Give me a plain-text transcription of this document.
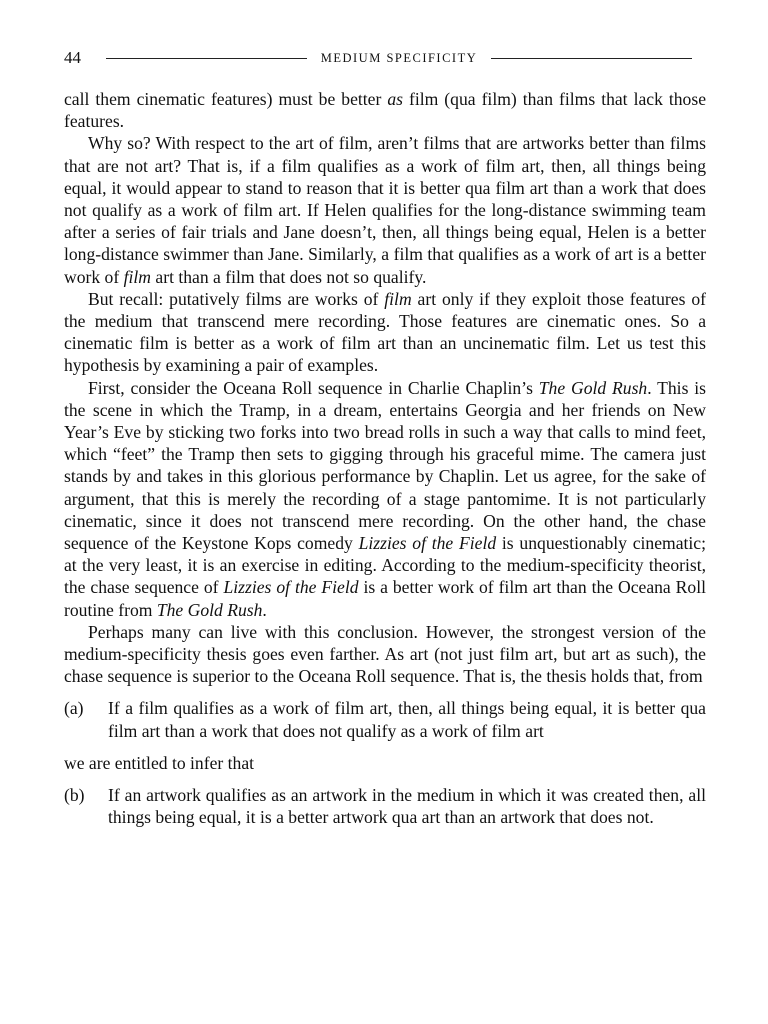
44	MEDIUM SPECIFICITY

call them cinematic features) must be better as film (qua film) than films that lack those features.

Why so? With respect to the art of film, aren’t films that are artworks better than films that are not art? That is, if a film qualifies as a work of film art, then, all things being equal, it would appear to stand to reason that it is better qua film art than a work that does not qualify as a work of film art. If Helen qualifies for the long-distance swimming team after a series of fair trials and Jane doesn’t, then, all things being equal, Helen is a better long-distance swimmer than Jane. Similarly, a film that qualifies as a work of art is a better work of film art than a film that does not so qualify.

But recall: putatively films are works of film art only if they exploit those features of the medium that transcend mere recording. Those features are cinematic ones. So a cinematic film is better as a work of film art than an uncinematic film. Let us test this hypothesis by examining a pair of examples.

First, consider the Oceana Roll sequence in Charlie Chaplin’s The Gold Rush. This is the scene in which the Tramp, in a dream, entertains Georgia and her friends on New Year’s Eve by sticking two forks into two bread rolls in such a way that calls to mind feet, which “feet” the Tramp then sets to gigging through his graceful mime. The camera just stands by and takes in this glorious performance by Chaplin. Let us agree, for the sake of argument, that this is merely the recording of a stage pantomime. It is not particularly cinematic, since it does not transcend mere recording. On the other hand, the chase sequence of the Keystone Kops comedy Lizzies of the Field is unquestionably cinematic; at the very least, it is an exercise in editing. According to the medium-specificity theorist, the chase sequence of Lizzies of the Field is a better work of film art than the Oceana Roll routine from The Gold Rush.

Perhaps many can live with this conclusion. However, the strongest version of the medium-specificity thesis goes even farther. As art (not just film art, but art as such), the chase sequence is superior to the Oceana Roll sequence. That is, the thesis holds that, from

(a)	If a film qualifies as a work of film art, then, all things being equal, it is better qua film art than a work that does not qualify as a work of film art

we are entitled to infer that

(b)	If an artwork qualifies as an artwork in the medium in which it was created then, all things being equal, it is a better artwork qua art than an artwork that does not.
